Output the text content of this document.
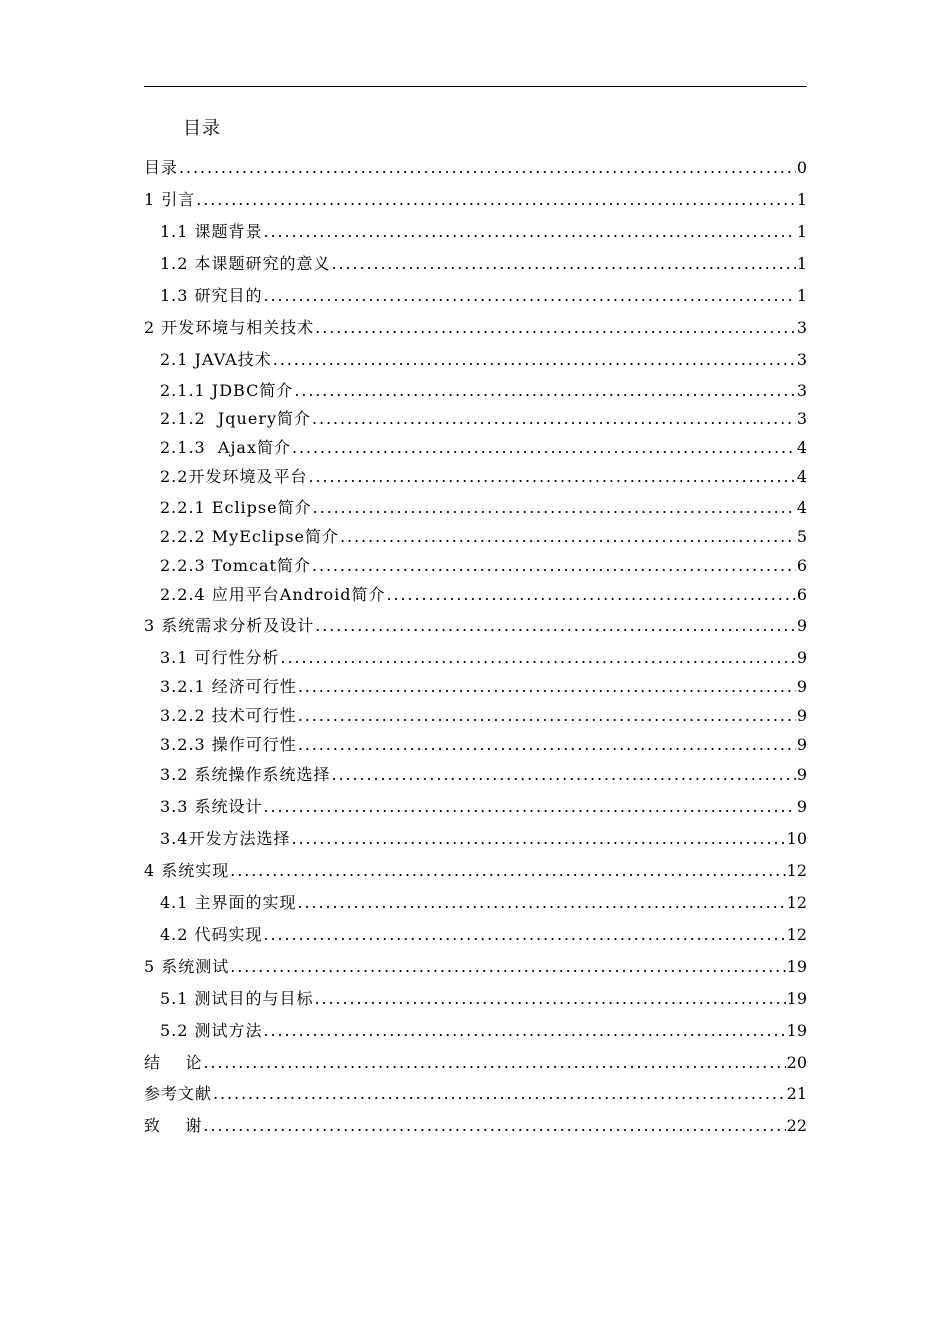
目录
目录 .....	0
1 引言 .....	1
1.1 课题背景 .....	1
1.2 本课题研究的意义 .....	1
1.3 研究目的 .....	1
2 开发环境与相关技术 .....	3
2.1 JAVA技术 .....	3
2.1.1 JDBC简介 .....	3
2.1.2  Jquery简介 .....	3
2.1.3  Ajax简介 .....	4
2.2开发环境及平台 .....	4
2.2.1 Eclipse简介 .....	4
2.2.2 MyEclipse简介 .....	5
2.2.3 Tomcat简介 .....	6
2.2.4 应用平台Android简介 .....	6
3 系统需求分析及设计 .....	9
3.1 可行性分析 .....	9
3.2.1 经济可行性 .....	9
3.2.2 技术可行性 .....	9
3.2.3 操作可行性 .....	9
3.2 系统操作系统选择 .....	9
3.3 系统设计 .....	9
3.4开发方法选择 .....	10
4 系统实现 .....	12
4.1 主界面的实现 .....	12
4.2 代码实现 .....	12
5 系统测试 .....	19
5.1 测试目的与目标 .....	19
5.2 测试方法 .....	19
结    论 .....	20
参考文献 .....	21
致    谢 .....	22
